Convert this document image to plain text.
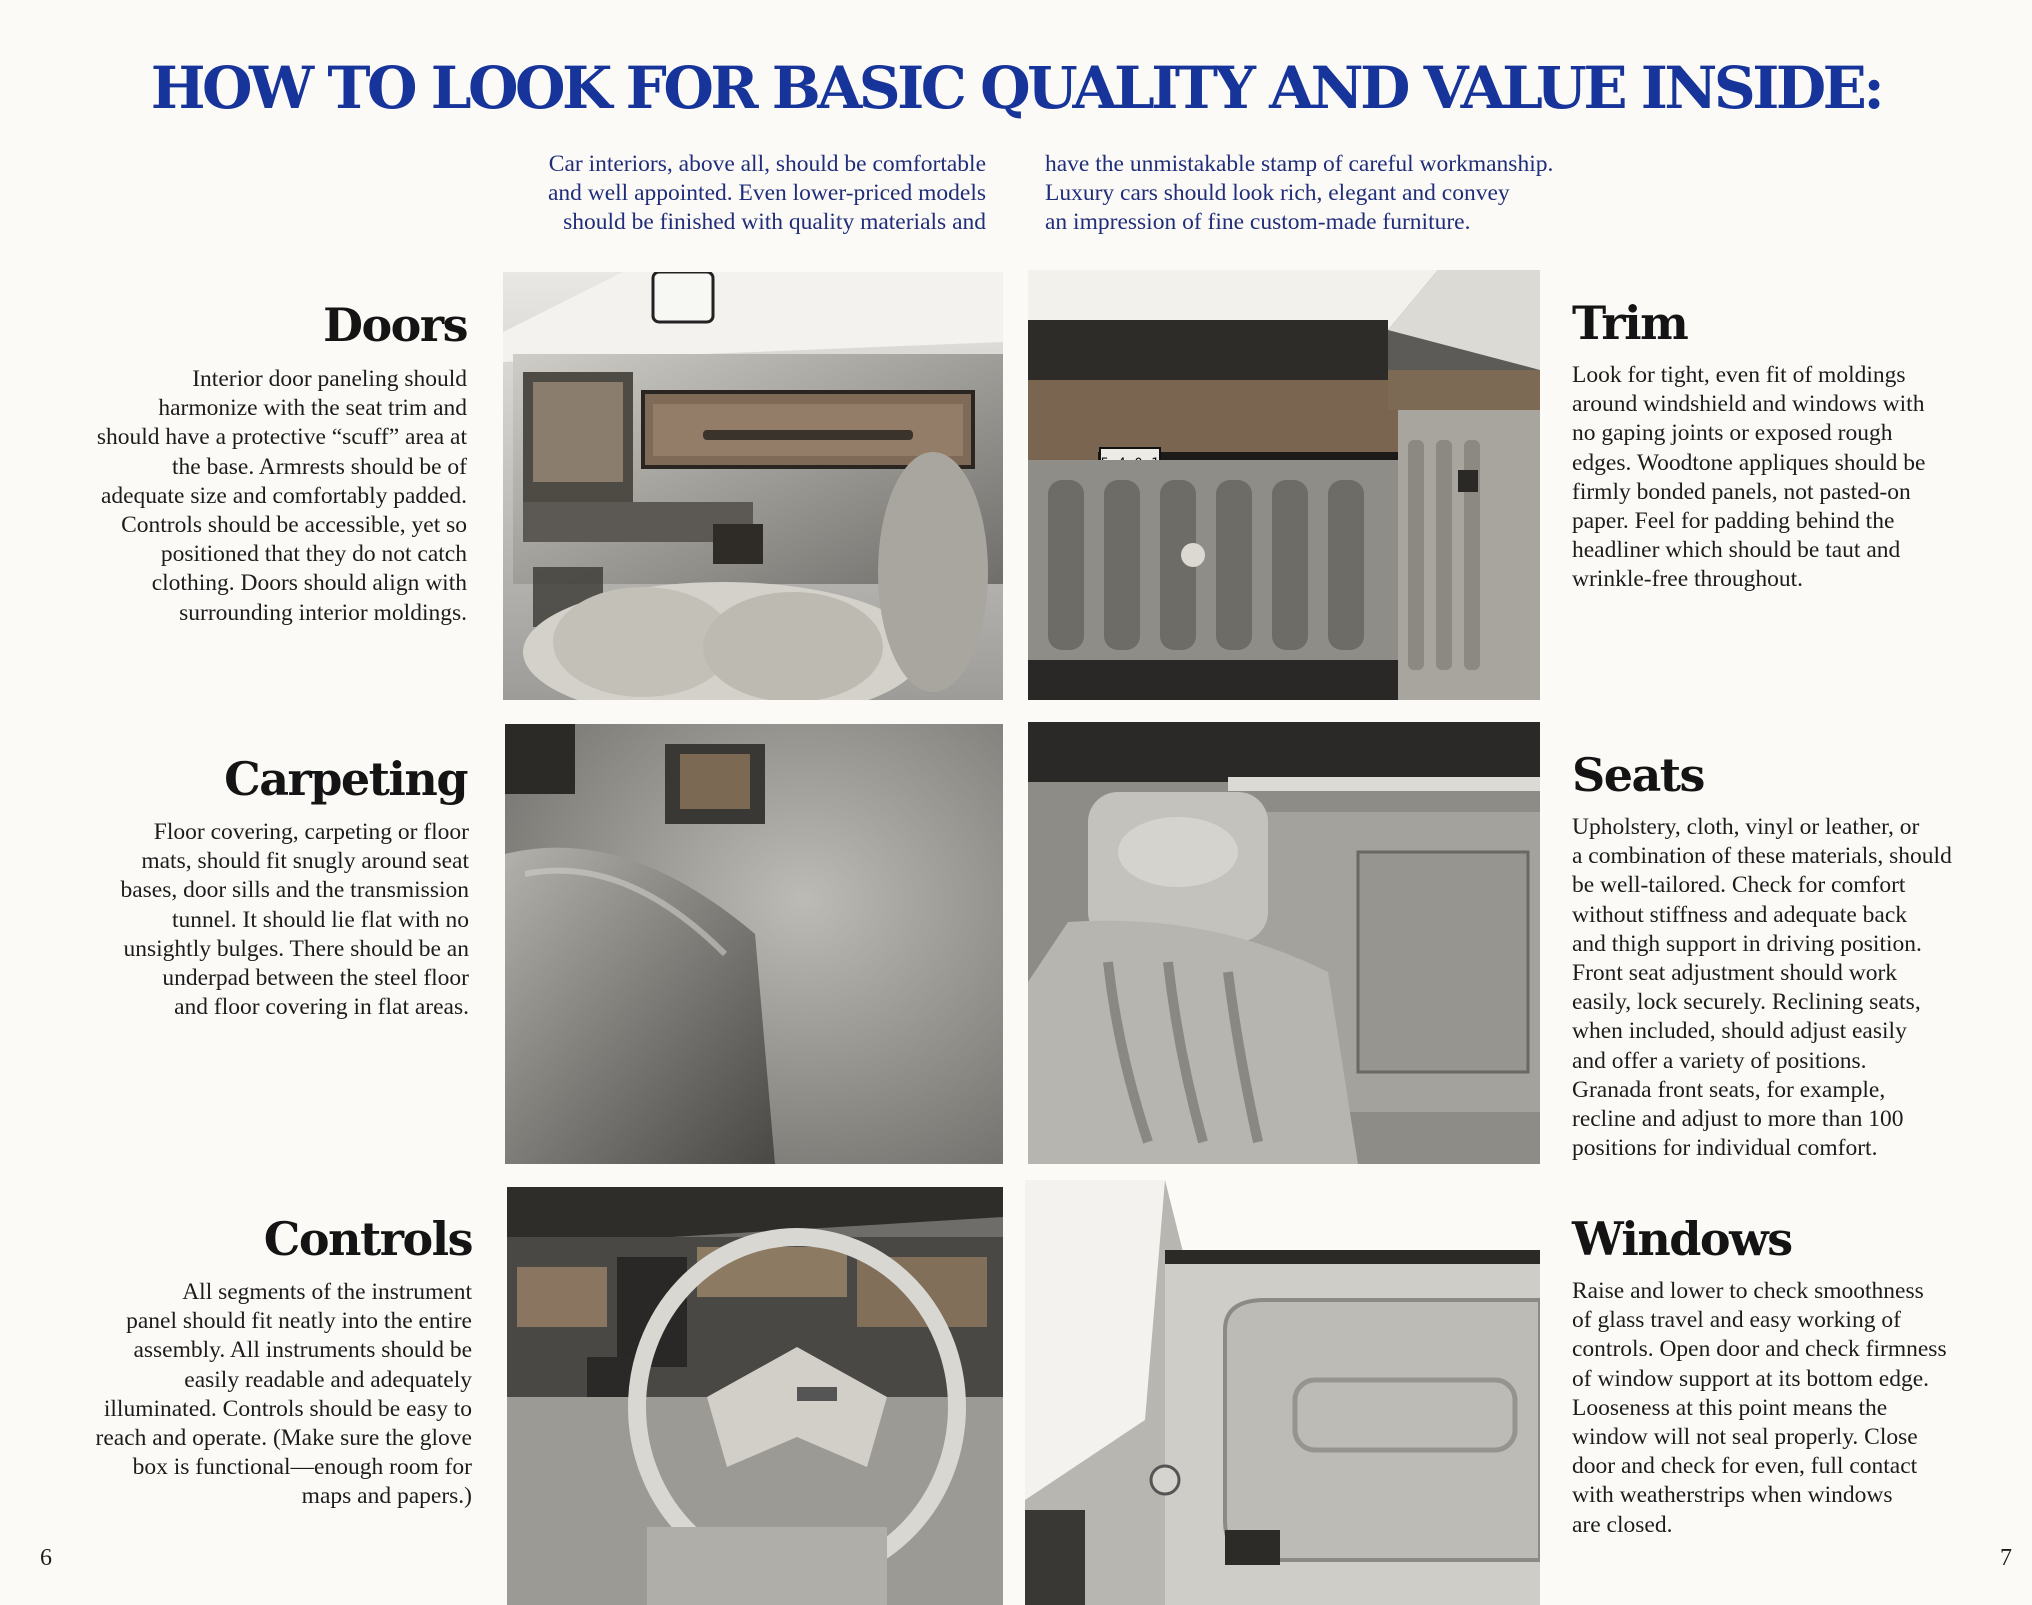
HOW TO LOOK FOR BASIC QUALITY AND VALUE INSIDE:
Car interiors, above all, should be comfortable
and well appointed. Even lower-priced models
should be finished with quality materials and
have the unmistakable stamp of careful workmanship.
Luxury cars should look rich, elegant and convey
an impression of fine custom-made furniture.
Doors
Interior door paneling should
harmonize with the seat trim and
should have a protective “scuff” area at
the base. Armrests should be of
adequate size and comfortably padded.
Controls should be accessible, yet so
positioned that they do not catch
clothing. Doors should align with
surrounding interior moldings.
Carpeting
Floor covering, carpeting or floor
mats, should fit snugly around seat
bases, door sills and the transmission
tunnel. It should lie flat with no
unsightly bulges. There should be an
underpad between the steel floor
and floor covering in flat areas.
Controls
All segments of the instrument
panel should fit neatly into the entire
assembly. All instruments should be
easily readable and adequately
illuminated. Controls should be easy to
reach and operate. (Make sure the glove
box is functional—enough room for
maps and papers.)
Trim
Look for tight, even fit of moldings
around windshield and windows with
no gaping joints or exposed rough
edges. Woodtone appliques should be
firmly bonded panels, not pasted-on
paper. Feel for padding behind the
headliner which should be taut and
wrinkle-free throughout.
Seats
Upholstery, cloth, vinyl or leather, or
a combination of these materials, should
be well-tailored. Check for comfort
without stiffness and adequate back
and thigh support in driving position.
Front seat adjustment should work
easily, lock securely. Reclining seats,
when included, should adjust easily
and offer a variety of positions.
Granada front seats, for example,
recline and adjust to more than 100
positions for individual comfort.
Windows
Raise and lower to check smoothness
of glass travel and easy working of
controls. Open door and check firmness
of window support at its bottom edge.
Looseness at this point means the
window will not seal properly. Close
door and check for even, full contact
with weatherstrips when windows
are closed.
6	7
